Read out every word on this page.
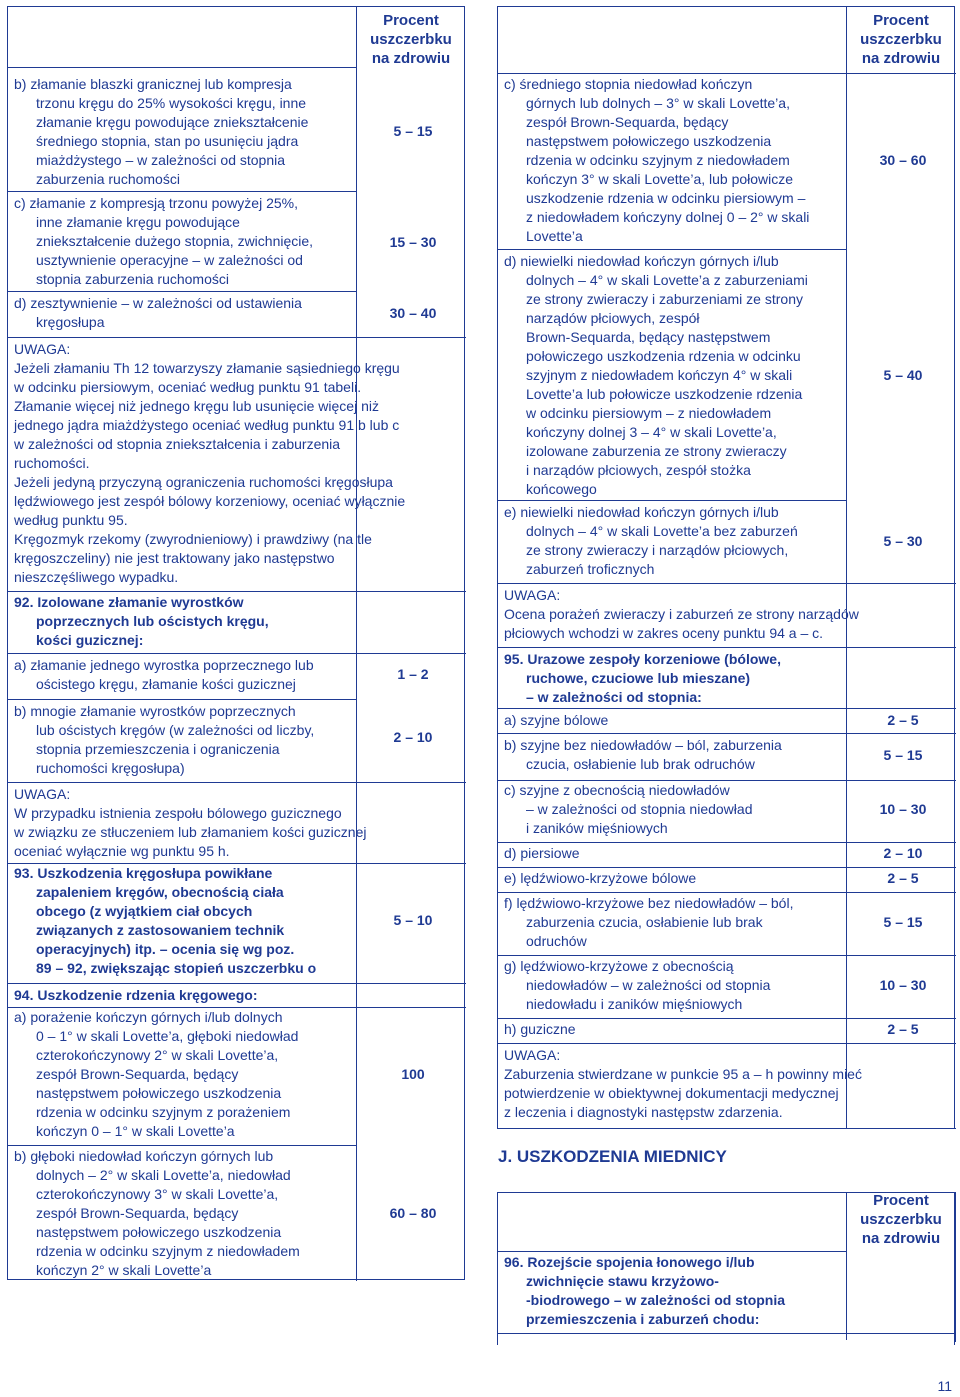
Procent
uszczerbku
na zdrowiu
b) złamanie blaszki granicznej lub kompresja
trzonu kręgu do 25% wysokości kręgu, inne
złamanie kręgu powodujące zniekształcenie
średniego stopnia, stan po usunięciu jądra
miażdżystego – w zależności od stopnia
zaburzenia ruchomości
5 – 15
c) złamanie z kompresją trzonu powyżej 25%,
inne złamanie kręgu powodujące
zniekształcenie dużego stopnia, zwichnięcie,
usztywnienie operacyjne – w zależności od
stopnia zaburzenia ruchomości
15 – 30
d) zesztywnienie – w zależności od ustawienia
kręgosłupa
30 – 40
UWAGA:
Jeżeli złamaniu Th 12 towarzyszy złamanie sąsiedniego kręgu
w odcinku piersiowym, oceniać według punktu 91 tabeli.
Złamanie więcej niż jednego kręgu lub usunięcie więcej niż
jednego jądra miażdżystego oceniać według punktu 91 b lub c
w zależności od stopnia zniekształcenia i zaburzenia
ruchomości.
Jeżeli jedyną przyczyną ograniczenia ruchomości kręgosłupa
lędźwiowego jest zespół bólowy korzeniowy, oceniać wyłącznie
według punktu 95.
Kręgozmyk rzekomy (zwyrodnieniowy) i prawdziwy (na tle
kręgoszczeliny) nie jest traktowany jako następstwo
nieszczęśliwego wypadku.
92. Izolowane złamanie wyrostków
poprzecznych lub ościstych kręgu,
kości guzicznej:
a) złamanie jednego wyrostka poprzecznego lub
ościstego kręgu, złamanie kości guzicznej
1 – 2
b) mnogie złamanie wyrostków poprzecznych
lub ościstych kręgów (w zależności od liczby,
stopnia przemieszczenia i ograniczenia
ruchomości kręgosłupa)
2 – 10
UWAGA:
W przypadku istnienia zespołu bólowego guzicznego
w związku ze stłuczeniem lub złamaniem kości guzicznej
oceniać wyłącznie wg punktu 95 h.
93. Uszkodzenia kręgosłupa powikłane
zapaleniem kręgów, obecnością ciała
obcego (z wyjątkiem ciał obcych
związanych z zastosowaniem technik
operacyjnych) itp. – ocenia się wg poz.
89 – 92, zwiększając stopień uszczerbku o
5 – 10
94. Uszkodzenie rdzenia kręgowego:
a) porażenie kończyn górnych i/lub dolnych
0 – 1° w skali Lovette’a, głęboki niedowład
czterokończynowy 2° w skali Lovette’a,
zespół Brown-Sequarda, będący
następstwem połowiczego uszkodzenia
rdzenia w odcinku szyjnym z porażeniem
kończyn 0 – 1° w skali Lovette’a
100
b) głęboki niedowład kończyn górnych lub
dolnych – 2° w skali Lovette’a, niedowład
czterokończynowy 3° w skali Lovette’a,
zespół Brown-Sequarda, będący
następstwem połowiczego uszkodzenia
rdzenia w odcinku szyjnym z niedowładem
kończyn 2° w skali Lovette’a
60 – 80
Procent
uszczerbku
na zdrowiu
c) średniego stopnia niedowład kończyn
górnych lub dolnych – 3° w skali Lovette’a,
zespół Brown-Sequarda, będący
następstwem połowiczego uszkodzenia
rdzenia w odcinku szyjnym z niedowładem
kończyn 3° w skali Lovette’a, lub połowicze
uszkodzenie rdzenia w odcinku piersiowym –
z niedowładem kończyny dolnej 0 – 2° w skali
Lovette’a
30 – 60
d) niewielki niedowład kończyn górnych i/lub
dolnych – 4° w skali Lovette’a z zaburzeniami
ze strony zwieraczy i zaburzeniami ze strony
narządów płciowych, zespół
Brown-Sequarda, będący następstwem
połowiczego uszkodzenia rdzenia w odcinku
szyjnym z niedowładem kończyn 4° w skali
Lovette’a lub połowicze uszkodzenie rdzenia
w odcinku piersiowym – z niedowładem
kończyny dolnej 3 – 4° w skali Lovette’a,
izolowane zaburzenia ze strony zwieraczy
i narządów płciowych, zespół stożka
końcowego
5 – 40
e) niewielki niedowład kończyn górnych i/lub
dolnych – 4° w skali Lovette’a bez zaburzeń
ze strony zwieraczy i narządów płciowych,
zaburzeń troficznych
5 – 30
UWAGA:
Ocena porażeń zwieraczy i zaburzeń ze strony narządów
płciowych wchodzi w zakres oceny punktu 94 a – c.
95. Urazowe zespoły korzeniowe (bólowe,
ruchowe, czuciowe lub mieszane)
– w zależności od stopnia:
a) szyjne bólowe	2 – 5
b) szyjne bez niedowładów – ból, zaburzenia
czucia, osłabienie lub brak odruchów
5 – 15
c) szyjne z obecnością niedowładów
– w zależności od stopnia niedowład
i zaników mięśniowych
10 – 30
d) piersiowe	2 – 10
e) lędźwiowo-krzyżowe bólowe	2 – 5
f) lędźwiowo-krzyżowe bez niedowładów – ból,
zaburzenia czucia, osłabienie lub brak
odruchów
5 – 15
g) lędźwiowo-krzyżowe z obecnością
niedowładów – w zależności od stopnia
niedowładu i zaników mięśniowych
10 – 30
h) guziczne	2 – 5
UWAGA:
Zaburzenia stwierdzane w punkcie 95 a – h powinny mieć
potwierdzenie w obiektywnej dokumentacji medycznej
z leczenia i diagnostyki następstw zdarzenia.
J. USZKODZENIA MIEDNICY
Procent
uszczerbku
na zdrowiu
96. Rozejście spojenia łonowego i/lub
zwichnięcie stawu krzyżowo-
-biodrowego – w zależności od stopnia
przemieszczenia i zaburzeń chodu:
11
